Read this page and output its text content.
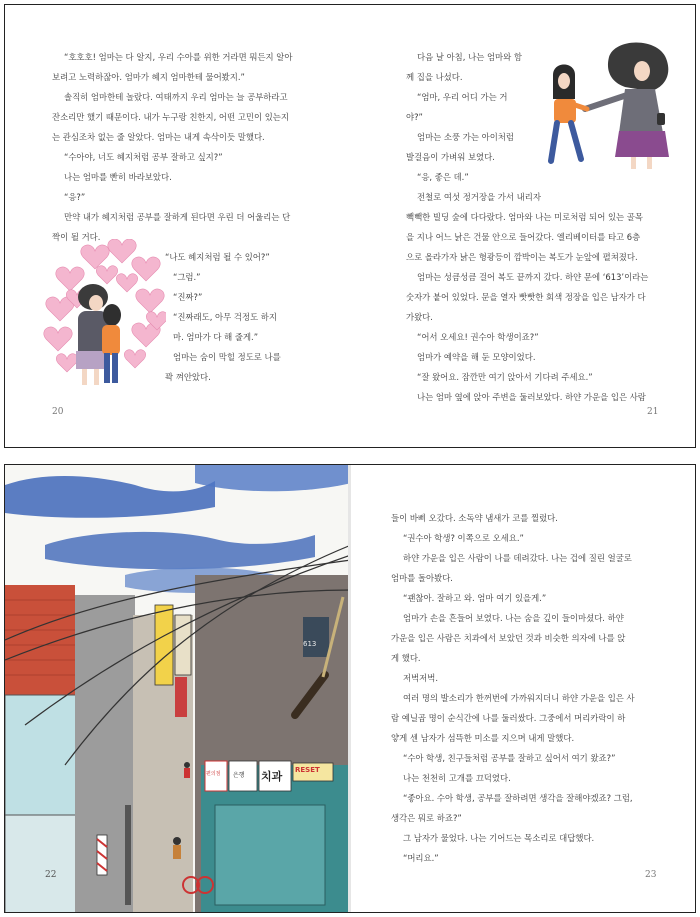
“호호호! 엄마는 다 알지, 우리 수아를 위한 거라면 뭐든지 알아

보려고 노력하잖아. 엄마가 혜지 엄마한테 물어봤지.”

솔직히 엄마한테 놀랐다. 여태까지 우리 엄마는 늘 공부하라고

잔소리만 했기 때문이다. 내가 누구랑 친한지, 어떤 고민이 있는지

는 관심조차 없는 줄 알았다. 엄마는 내게 속삭이듯 말했다.

“수아야, 너도 혜지처럼 공부 잘하고 싶지?”

나는 엄마를 빤히 바라보았다.

“응?”

만약 내가 혜지처럼 공부를 잘하게 된다면 우린 더 어울리는 단

짝이 될 거다.

“나도 혜지처럼 될 수 있어?”

“그럼.”

“진짜?”

“진짜래도, 아무 걱정도 하지

마. 엄마가 다 해 줄게.”

엄마는 숨이 막힐 정도로 나를

꽉 껴안았다.

20

다음 날 아침, 나는 엄마와 함

께 집을 나섰다.

“엄마, 우리 어디 가는 거

야?”

엄마는 소풍 가는 아이처럼

발걸음이 가벼워 보였다.

“응, 좋은 데.”

전철로 여섯 정거장을 가서 내리자

빽빽한 빌딩 숲에 다다랐다. 엄마와 나는 미로처럼 되어 있는 골목

을 지나 어느 낡은 건물 안으로 들어갔다. 엘리베이터를 타고 6층

으로 올라가자 낡은 형광등이 깜박이는 복도가 눈앞에 펼쳐졌다.

엄마는 성큼성큼 걸어 복도 끝까지 갔다. 하얀 문에 ‘613’이라는

숫자가 붙어 있었다. 문을 열자 빳빳한 회색 정장을 입은 남자가 다

가왔다.

“어서 오세요! 권수아 학생이죠?”

엄마가 예약을 해 둔 모양이었다.

“잘 왔어요. 잠깐만 여기 앉아서 기다려 주세요.”

나는 엄마 옆에 앉아 주변을 둘러보았다. 하얀 가운을 입은 사람

21
613
치과 RESET
은행
편의점
22

들이 바삐 오갔다. 소독약 냄새가 코를 찔렀다.

“권수아 학생? 이쪽으로 오세요.”

하얀 가운을 입은 사람이 나를 데려갔다. 나는 겁에 질린 얼굴로

엄마를 돌아봤다.

“괜찮아. 잘하고 와. 엄마 여기 있을게.”

엄마가 손을 흔들어 보였다. 나는 숨을 깊이 들이마셨다. 하얀

가운을 입은 사람은 치과에서 보았던 것과 비슷한 의자에 나를 앉

게 했다.

저벅저벅.

여러 명의 발소리가 한꺼번에 가까워지더니 하얀 가운을 입은 사

람 예닐곱 명이 순식간에 나를 둘러쌌다. 그중에서 머리카락이 하

얗게 센 남자가 섬뜩한 미소를 지으며 내게 말했다.

“수아 학생, 친구들처럼 공부를 잘하고 싶어서 여기 왔죠?”

나는 천천히 고개를 끄덕였다.

“좋아요. 수아 학생, 공부를 잘하려면 생각을 잘해야겠죠? 그럼,

생각은 뭐로 하죠?”

그 남자가 물었다. 나는 기어드는 목소리로 대답했다.

“머리요.”

23
